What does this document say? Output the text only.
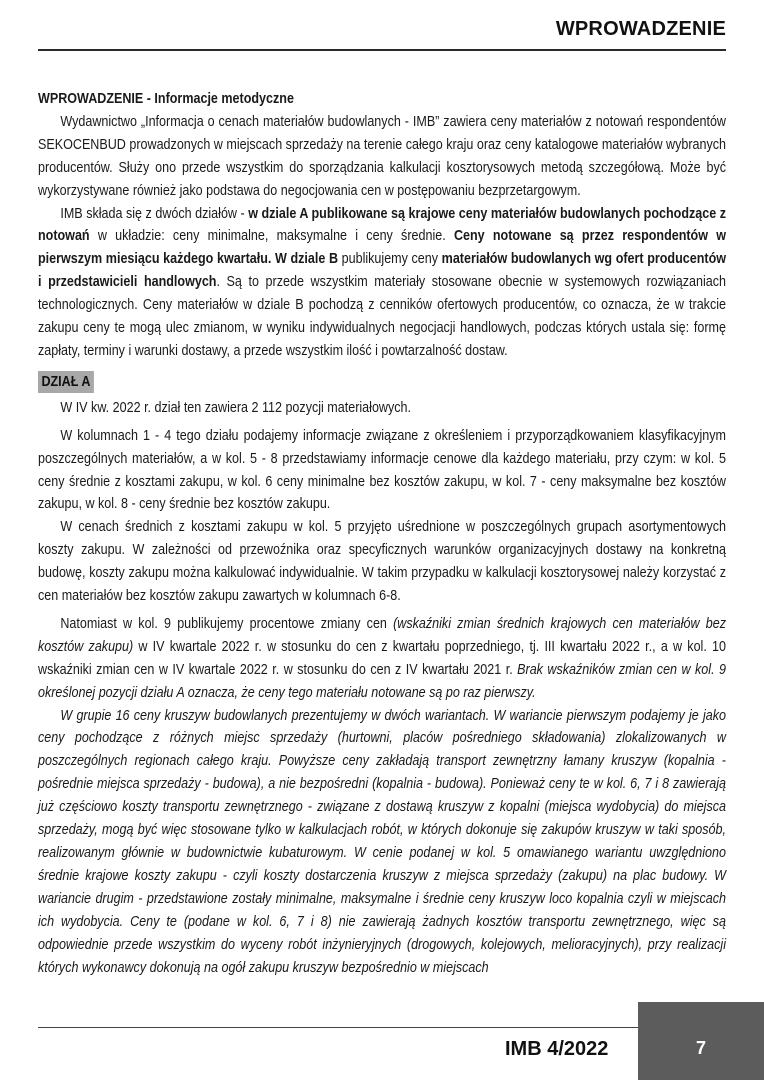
WPROWADZENIE

WPROWADZENIE - Informacje metodyczne

Wydawnictwo „Informacja o cenach materiałów budowlanych - IMB” zawiera ceny materiałów z notowań respondentów SEKOCENBUD prowadzonych w miejscach sprzedaży na terenie całego kraju oraz ceny katalogowe materiałów wybranych producentów. Służy ono przede wszystkim do sporządzania kalkulacji kosztorysowych metodą szczegółową. Może być wykorzystywane również jako podstawa do negocjowania cen w postępowaniu bezprzetargowym.

IMB składa się z dwóch działów - w dziale A publikowane są krajowe ceny materiałów budowlanych pochodzące z notowań w układzie: ceny minimalne, maksymalne i ceny średnie. Ceny notowane są przez respondentów w pierwszym miesiącu każdego kwartału. W dziale B publikujemy ceny materiałów budowlanych wg ofert producentów i przedstawicieli handlowych. Są to przede wszystkim materiały stosowane obecnie w systemowych rozwiązaniach technologicznych. Ceny materiałów w dziale B pochodzą z cenników ofertowych producentów, co oznacza, że w trakcie zakupu ceny te mogą ulec zmianom, w wyniku indywidualnych negocjacji handlowych, podczas których ustala się: formę zapłaty, terminy i warunki dostawy, a przede wszystkim ilość i powtarzalność dostaw.

DZIAŁ A

W IV kw. 2022 r. dział ten zawiera 2 112 pozycji materiałowych.

W kolumnach 1 - 4 tego działu podajemy informacje związane z określeniem i przyporządkowaniem klasyfikacyjnym poszczególnych materiałów, a w kol. 5 - 8 przedstawiamy informacje cenowe dla każdego materiału, przy czym: w kol. 5 ceny średnie z kosztami zakupu, w kol. 6 ceny minimalne bez kosztów zakupu, w kol. 7 - ceny maksymalne bez kosztów zakupu, w kol. 8 - ceny średnie bez kosztów zakupu.

W cenach średnich z kosztami zakupu w kol. 5 przyjęto uśrednione w poszczególnych grupach asortymentowych koszty zakupu. W zależności od przewoźnika oraz specyficznych warunków organizacyjnych dostawy na konkretną budowę, koszty zakupu można kalkulować indywidualnie. W takim przypadku w kalkulacji kosztorysowej należy korzystać z cen materiałów bez kosztów zakupu zawartych w kolumnach 6-8.

Natomiast w kol. 9 publikujemy procentowe zmiany cen (wskaźniki zmian średnich krajowych cen materiałów bez kosztów zakupu) w IV kwartale 2022 r. w stosunku do cen z kwartału poprzedniego, tj. III kwartału 2022 r., a w kol. 10 wskaźniki zmian cen w IV kwartale 2022 r. w stosunku do cen z IV kwartału 2021 r. Brak wskaźników zmian cen w kol. 9 określonej pozycji działu A oznacza, że ceny tego materiału notowane są po raz pierwszy.

W grupie 16 ceny kruszyw budowlanych prezentujemy w dwóch wariantach. W wariancie pierwszym podajemy je jako ceny pochodzące z różnych miejsc sprzedaży (hurtowni, placów pośredniego składowania) zlokalizowanych w poszczególnych regionach całego kraju. Powyższe ceny zakładają transport zewnętrzny łamany kruszyw (kopalnia - pośrednie miejsca sprzedaży - budowa), a nie bezpośredni (kopalnia - budowa). Ponieważ ceny te w kol. 6, 7 i 8 zawierają już częściowo koszty transportu zewnętrznego - związane z dostawą kruszyw z kopalni (miejsca wydobycia) do miejsca sprzedaży, mogą być więc stosowane tylko w kalkulacjach robót, w których dokonuje się zakupów kruszyw w taki sposób, realizowanym głównie w budownictwie kubaturowym. W cenie podanej w kol. 5 omawianego wariantu uwzględniono średnie krajowe koszty zakupu - czyli koszty dostarczenia kruszyw z miejsca sprzedaży (zakupu) na plac budowy. W wariancie drugim - przedstawione zostały minimalne, maksymalne i średnie ceny kruszyw loco kopalnia czyli w miejscach ich wydobycia. Ceny te (podane w kol. 6, 7 i 8) nie zawierają żadnych kosztów transportu zewnętrznego, więc są odpowiednie przede wszystkim do wyceny robót inżynieryjnych (drogowych, kolejowych, melioracyjnych), przy realizacji których wykonawcy dokonują na ogół zakupu kruszyw bezpośrednio w miejscach

IMB 4/2022	7
